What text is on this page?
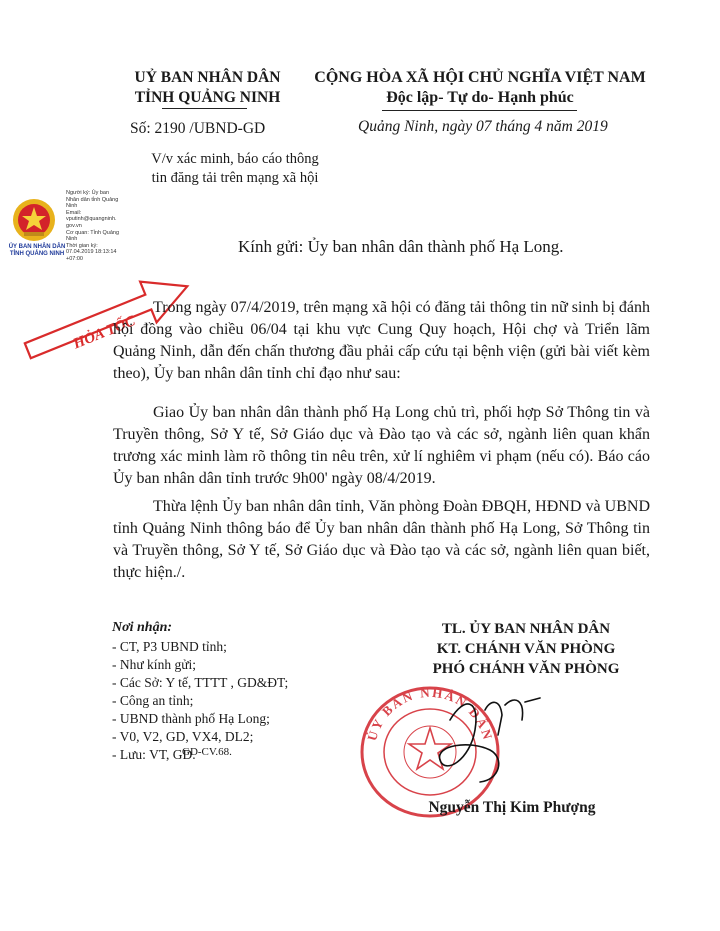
UỶ BAN NHÂN DÂN
TỈNH QUẢNG NINH
CỘNG HÒA XÃ HỘI CHỦ NGHĨA VIỆT NAM
Độc lập- Tự do- Hạnh phúc
Số: 2190 /UBND-GD	Quảng Ninh, ngày 07 tháng 4 năm 2019
V/v xác minh, báo cáo thông
tin đăng tải trên mạng xã hội
ỦY BAN NHÂN DÂN
TỈNH QUẢNG NINH
Người ký: Ủy ban
Nhân dân tỉnh Quảng
Ninh
Email:
vputinh@quangninh.
gov.vn
Cơ quan: Tỉnh Quảng
Ninh
Thời gian ký:
07.04.2019 18:13:14
+07:00
HỎA TỐC
Kính gửi: Ủy ban nhân dân thành phố Hạ Long.
Trong ngày 07/4/2019, trên mạng xã hội có đăng tải thông tin nữ sinh bị đánh hội đồng vào chiều 06/04 tại khu vực Cung Quy hoạch, Hội chợ và Triển lãm Quảng Ninh, dẫn đến chấn thương đầu phải cấp cứu tại bệnh viện (gửi bài viết kèm theo), Ủy ban nhân dân tỉnh chỉ đạo như sau:
Giao Ủy ban nhân dân thành phố Hạ Long chủ trì, phối hợp Sở Thông tin và Truyền thông, Sở Y tế, Sở Giáo dục và Đào tạo và các sở, ngành liên quan khẩn trương xác minh làm rõ thông tin nêu trên, xử lí nghiêm vi phạm (nếu có). Báo cáo Ủy ban nhân dân tỉnh trước 9h00' ngày 08/4/2019.
Thừa lệnh Ủy ban nhân dân tỉnh, Văn phòng Đoàn ĐBQH, HĐND và UBND tỉnh Quảng Ninh thông báo để Ủy ban nhân dân thành phố Hạ Long, Sở Thông tin và Truyền thông, Sở Y tế, Sở Giáo dục và Đào tạo và các sở, ngành liên quan biết, thực hiện./.
Nơi nhận:
- CT, P3 UBND tỉnh;
- Như kính gửi;
- Các Sở: Y tế, TTTT , GD&ĐT;
- Công an tỉnh;
- UBND thành phố Hạ Long;
- V0, V2, GD, VX4, DL2;
- Lưu: VT, GD.
GD-CV.68.
TL. ỦY BAN NHÂN DÂN
KT. CHÁNH VĂN PHÒNG
PHÓ CHÁNH VĂN PHÒNG
ỦY BAN NHÂN DÂN
Nguyễn Thị Kim Phượng
